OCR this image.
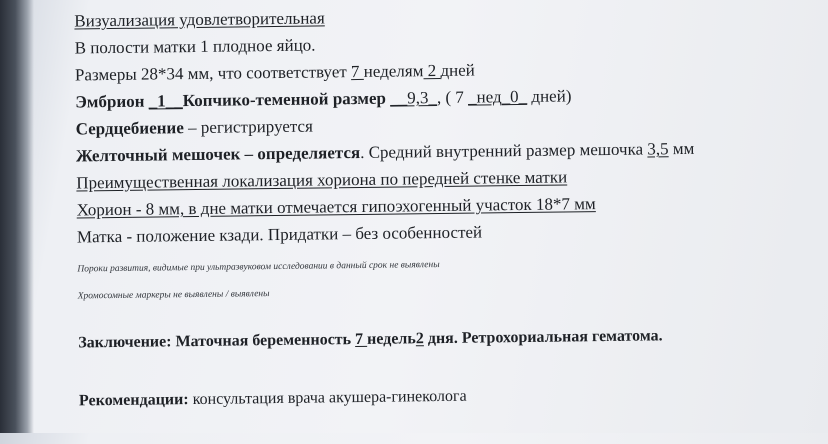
Визуализация удовлетворительная
В полости матки 1 плодное яйцо.
Размеры 28*34 мм, что соответствует 7 неделям 2 дней
Эмбрион _1__Копчико-теменной размер __9,3_, ( 7 _нед_0_ дней)
Сердцебиение – регистрируется
Желточный мешочек – определяется. Средний внутренний размер мешочка 3,5 мм
Преимущественная локализация хориона по передней стенке матки
Хорион - 8 мм, в дне матки отмечается гипоэхогенный участок 18*7 мм
Матка - положение кзади. Придатки – без особенностей
Пороки развития, видимые при ультразвуковом исследовании в данный срок не выявлены
Хромосомные маркеры не выявлены / выявлены
Заключение: Маточная беременность 7 недель2 дня. Ретрохориальная гематома.
Рекомендации: консультация врача акушера-гинеколога
